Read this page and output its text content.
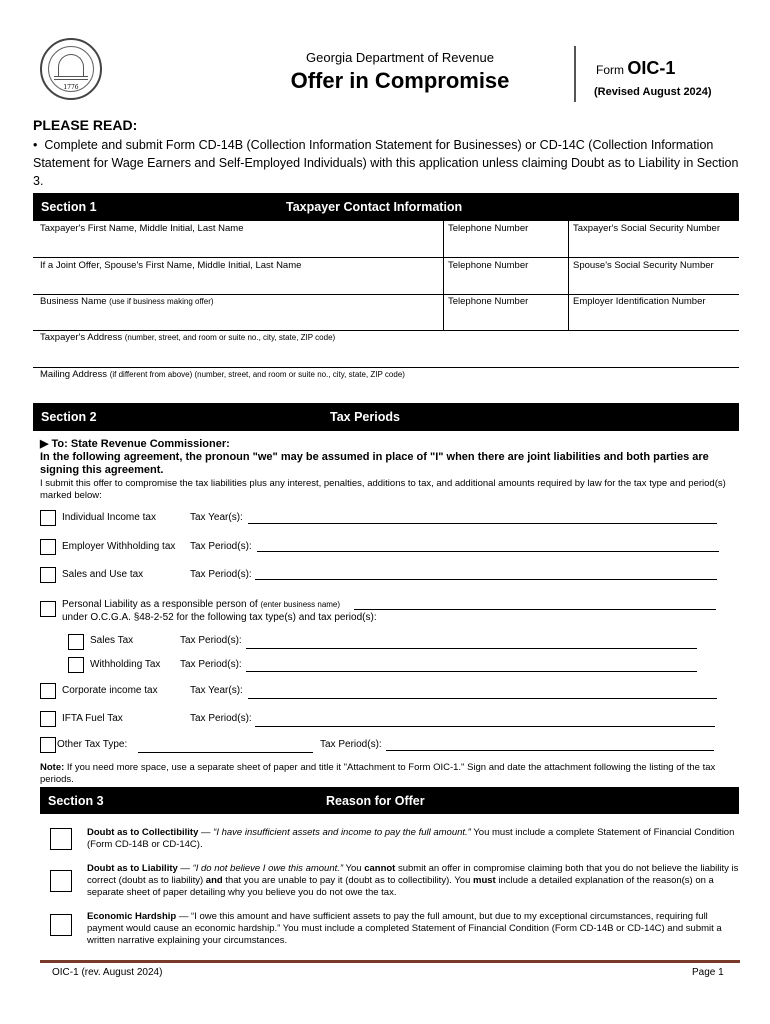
1776
Georgia Department of Revenue
Offer in Compromise	Form OIC-1
(Revised August 2024)
PLEASE READ:
• Complete and submit Form CD-14B (Collection Information Statement for Businesses) or CD-14C (Collection Information Statement for Wage Earners and Self-Employed Individuals) with this application unless claiming Doubt as to Liability in Section 3.
Section 1	Taxpayer Contact Information
Taxpayer's First Name, Middle Initial, Last Name	Telephone Number	Taxpayer's Social Security Number
If a Joint Offer, Spouse's First Name, Middle Initial, Last Name	Telephone Number	Spouse's Social Security Number
Business Name (use if business making offer)	Telephone Number	Employer Identification Number
Taxpayer's Address (number, street, and room or suite no., city, state, ZIP code)
Mailing Address (if different from above) (number, street, and room or suite no., city, state, ZIP code)
Section 2	Tax Periods
▶ To: State Revenue Commissioner:
In the following agreement, the pronoun "we" may be assumed in place of "I" when there are joint liabilities and both parties are signing this agreement.
I submit this offer to compromise the tax liabilities plus any interest, penalties, additions to tax, and additional amounts required by law for the tax type and period(s) marked below:
Individual Income tax	Tax Year(s):
Employer Withholding tax Tax Period(s):
Sales and Use tax	Tax Period(s):
Personal Liability as a responsible person of (enter business name)
under O.C.G.A. §48-2-52 for the following tax type(s) and tax period(s):
Sales Tax	Tax Period(s):
Withholding Tax Tax Period(s):
Corporate income tax	Tax Year(s):
IFTA Fuel Tax	Tax Period(s):
Other Tax Type:	Tax Period(s):
Note: If you need more space, use a separate sheet of paper and title it "Attachment to Form OIC-1." Sign and date the attachment following the listing of the tax periods.
Section 3	Reason for Offer
Doubt as to Collectibility — “I have insufficient assets and income to pay the full amount.” You must include a complete Statement of Financial Condition (Form CD-14B or CD-14C).
Doubt as to Liability — “I do not believe I owe this amount.” You cannot submit an offer in compromise claiming both that you do not believe the liability is correct (doubt as to liability) and that you are unable to pay it (doubt as to collectibility). You must include a detailed explanation of the reason(s) on a separate sheet of paper detailing why you believe you do not owe the tax.
Economic Hardship — “I owe this amount and have sufficient assets to pay the full amount, but due to my exceptional circumstances, requiring full payment would cause an economic hardship.” You must include a completed Statement of Financial Condition (Form CD-14B or CD-14C) and submit a written narrative explaining your circumstances.
OIC-1 (rev. August 2024)	Page 1
